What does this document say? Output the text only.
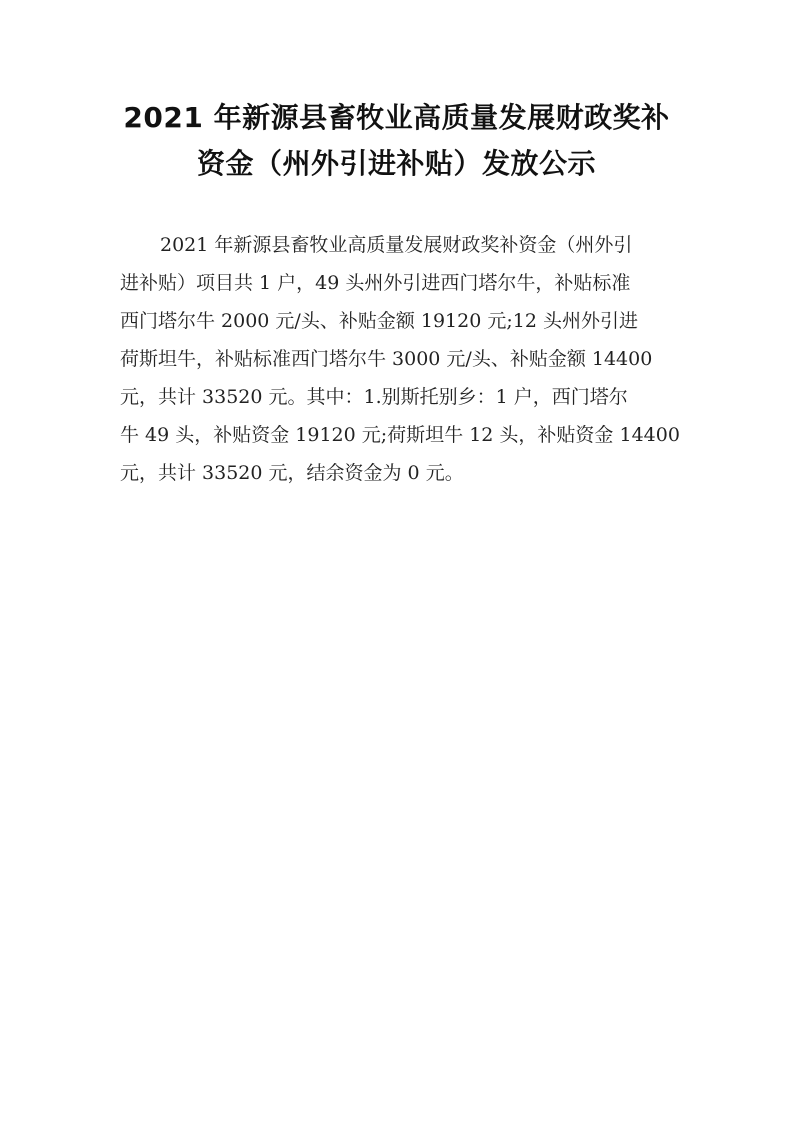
2021 年新源县畜牧业高质量发展财政奖补
资金（州外引进补贴）发放公示
2021 年新源县畜牧业高质量发展财政奖补资金（州外引
进补贴）项目共 1 户，49 头州外引进西门塔尔牛，补贴标准
西门塔尔牛 2000 元/头、补贴金额 19120 元;12 头州外引进
荷斯坦牛，补贴标准西门塔尔牛 3000 元/头、补贴金额 14400
元，共计 33520 元。其中：1.别斯托别乡：1 户，西门塔尔
牛 49 头，补贴资金 19120 元;荷斯坦牛 12 头，补贴资金 14400
元，共计 33520 元，结余资金为 0 元。
